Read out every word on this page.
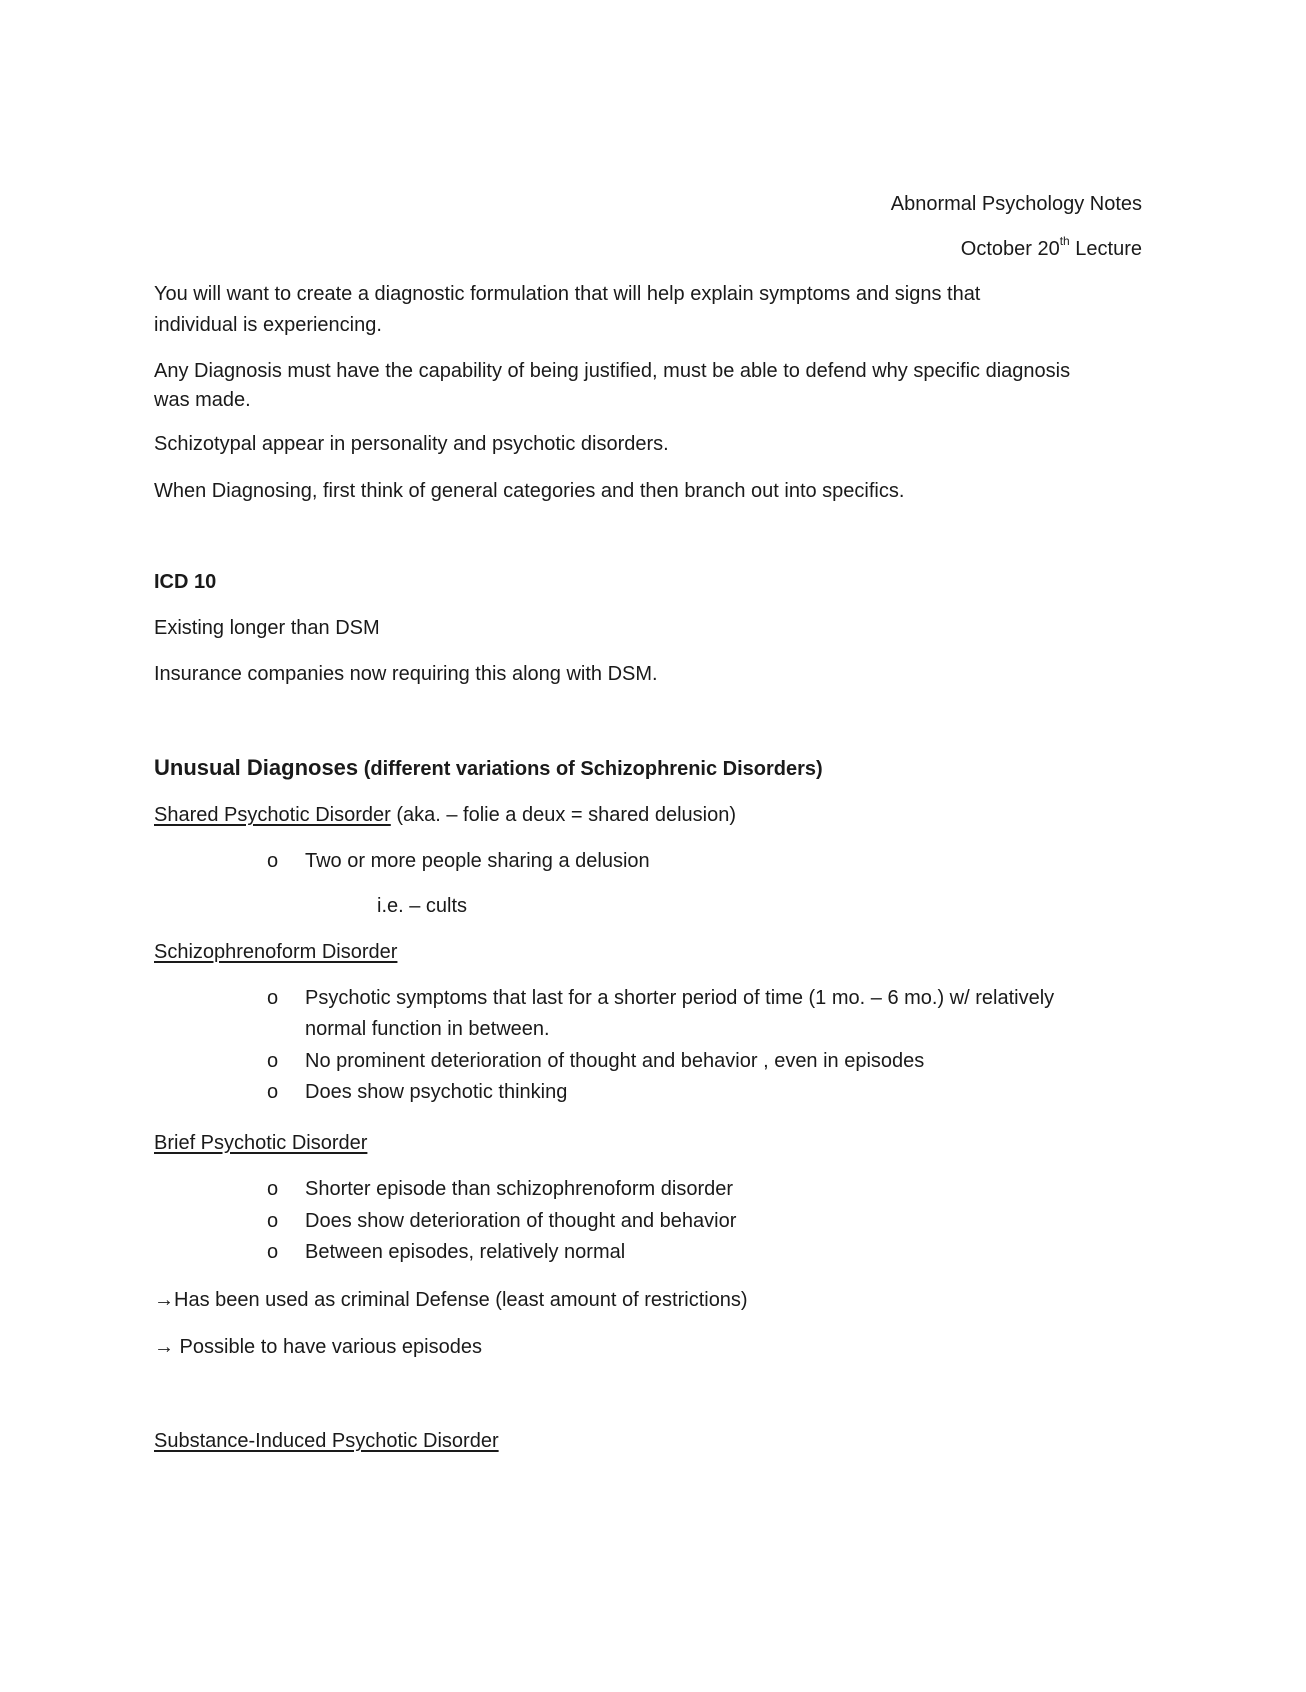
Abnormal Psychology Notes
October 20th Lecture
You will want to create a diagnostic formulation that will help explain symptoms and signs that
individual is experiencing.
Any Diagnosis must have the capability of being justified, must be able to defend why specific diagnosis
was made.
Schizotypal appear in personality and psychotic disorders.
When Diagnosing, first think of general categories and then branch out into specifics.
ICD 10
Existing longer than DSM
Insurance companies now requiring this along with DSM.
Unusual Diagnoses (different variations of Schizophrenic Disorders)
Shared Psychotic Disorder (aka. – folie a deux = shared delusion)
o Two or more people sharing a delusion
i.e. – cults
Schizophrenoform Disorder
o Psychotic symptoms that last for a shorter period of time (1 mo. – 6 mo.) w/ relatively
normal function in between.
o No prominent deterioration of thought and behavior , even in episodes
o Does show psychotic thinking
Brief Psychotic Disorder
o Shorter episode than schizophrenoform disorder
o Does show deterioration of thought and behavior
o Between episodes, relatively normal
→Has been used as criminal Defense (least amount of restrictions)
→ Possible to have various episodes
Substance-Induced Psychotic Disorder
